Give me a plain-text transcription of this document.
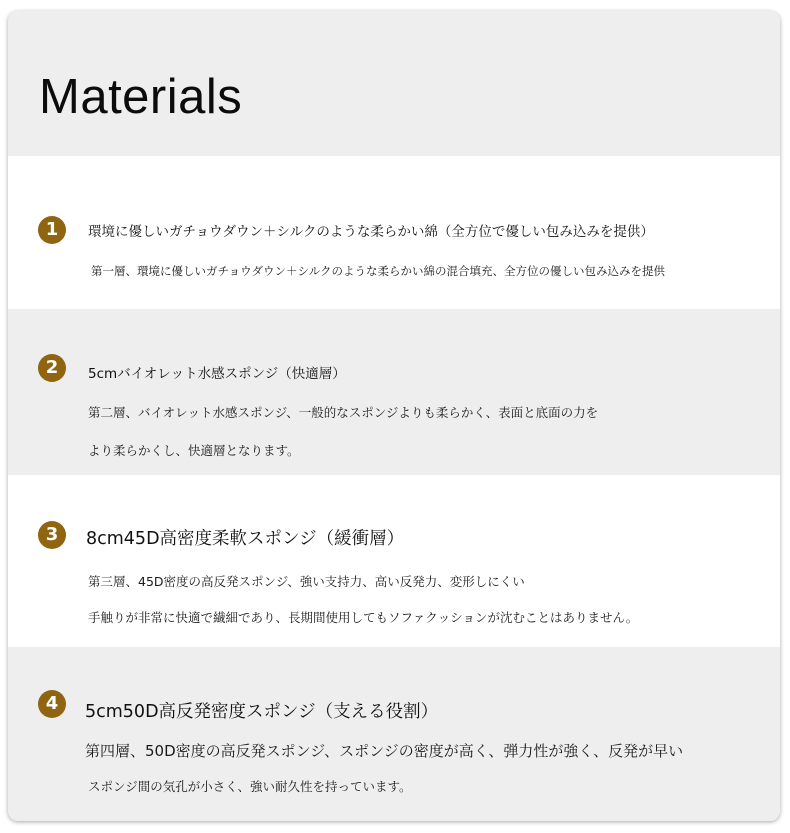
Materials
1	環境に優しいガチョウダウン＋シルクのような柔らかい綿（全方位で優しい包み込みを提供）
第一層、環境に優しいガチョウダウン＋シルクのような柔らかい綿の混合填充、全方位の優しい包み込みを提供
2	5cmバイオレット水感スポンジ（快適層）
第二層、バイオレット水感スポンジ、一般的なスポンジよりも柔らかく、表面と底面の力を
より柔らかくし、快適層となります。
3	8cm45D高密度柔軟スポンジ（緩衝層）
第三層、45D密度の高反発スポンジ、強い支持力、高い反発力、変形しにくい
手触りが非常に快適で繊細であり、長期間使用してもソファクッションが沈むことはありません。
4	5cm50D高反発密度スポンジ（支える役割）
第四層、50D密度の高反発スポンジ、スポンジの密度が高く、弾力性が強く、反発が早い
スポンジ間の気孔が小さく、強い耐久性を持っています。
